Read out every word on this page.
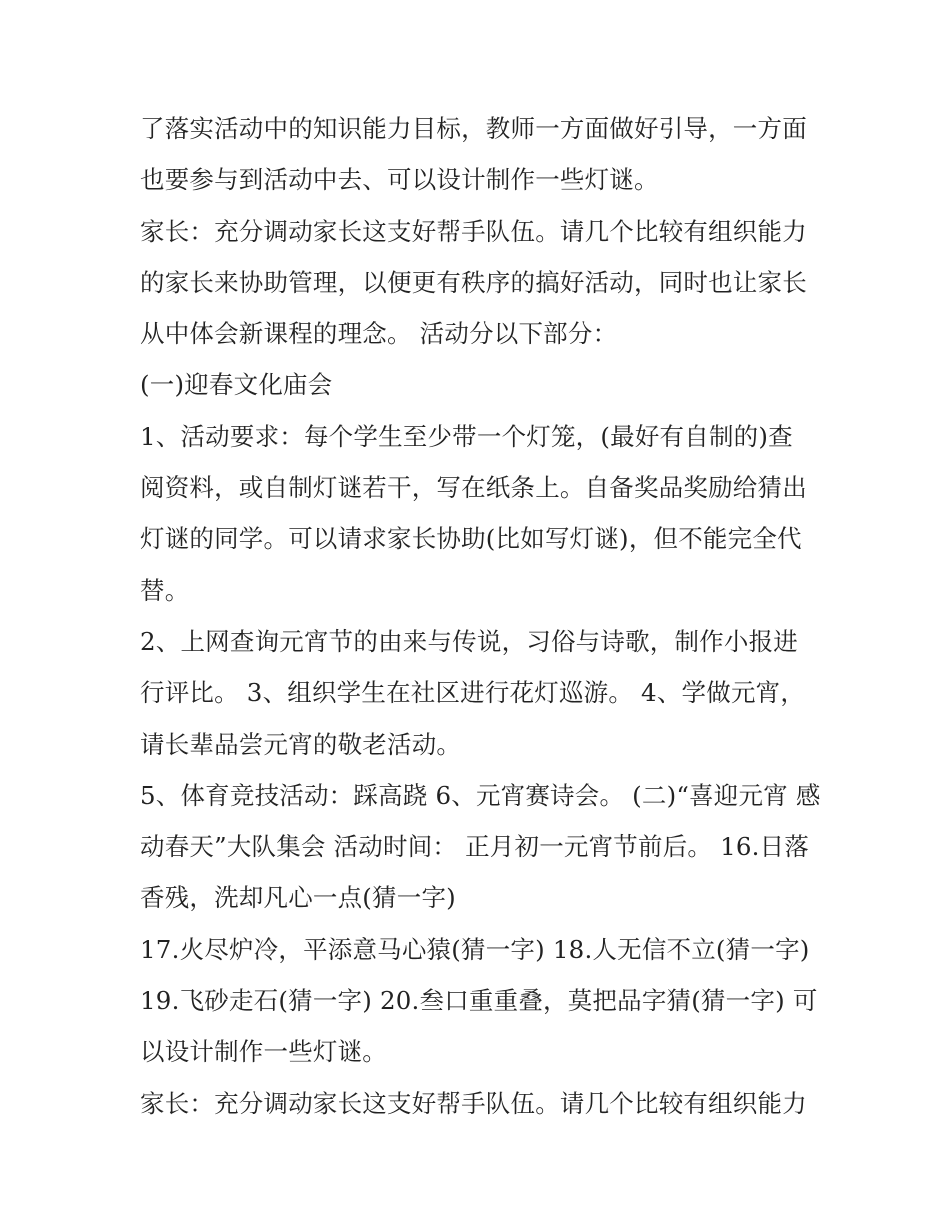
了落实活动中的知识能力目标，教师一方面做好引导，一方面
也要参与到活动中去、可以设计制作一些灯谜。
家长：充分调动家长这支好帮手队伍。请几个比较有组织能力
的家长来协助管理，以便更有秩序的搞好活动，同时也让家长
从中体会新课程的理念。 活动分以下部分：
(一)迎春文化庙会
1、活动要求：每个学生至少带一个灯笼，(最好有自制的)查
阅资料，或自制灯谜若干，写在纸条上。自备奖品奖励给猜出
灯谜的同学。可以请求家长协助(比如写灯谜)，但不能完全代
替。
2、上网查询元宵节的由来与传说，习俗与诗歌，制作小报进
行评比。 3、组织学生在社区进行花灯巡游。 4、学做元宵，
请长辈品尝元宵的敬老活动。
5、体育竞技活动：踩高跷 6、元宵赛诗会。 (二)“喜迎元宵 感
动春天”大队集会 活动时间： 正月初一元宵节前后。 16.日落
香残，洗却凡心一点(猜一字)
17.火尽炉冷，平添意马心猿(猜一字) 18.人无信不立(猜一字)
19.飞砂走石(猜一字) 20.叁口重重叠，莫把品字猜(猜一字) 可
以设计制作一些灯谜。
家长：充分调动家长这支好帮手队伍。请几个比较有组织能力
